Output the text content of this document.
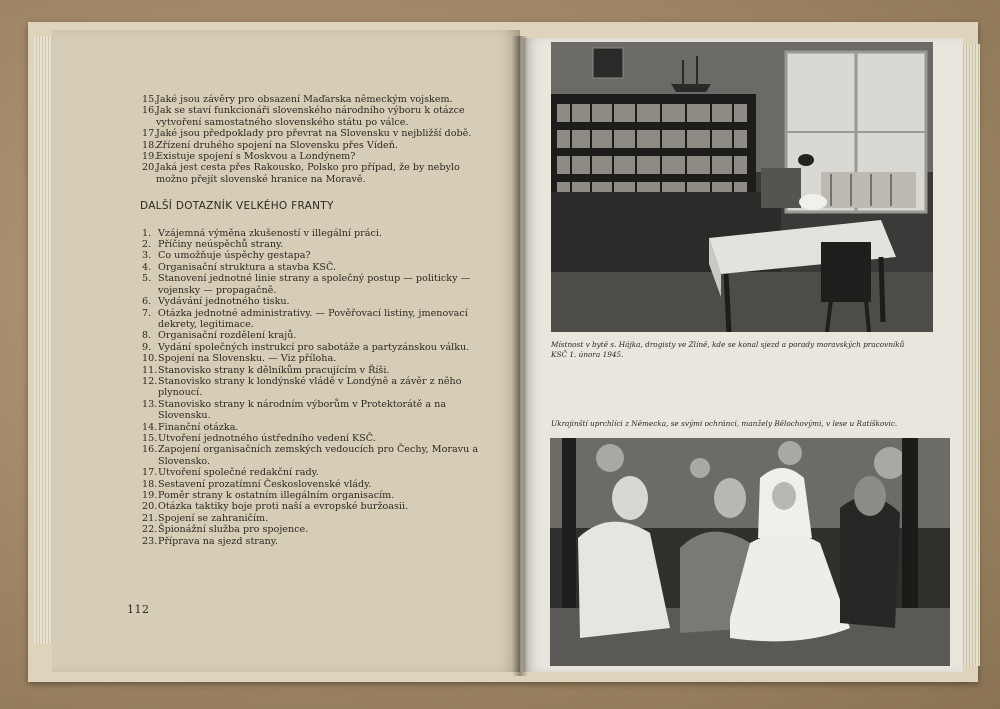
15.
Jaké jsou závěry pro obsazení Maďarska německým vojskem.

16.
Jak se staví funkcionáři slovenského národního výboru k otázce vytvoření samostatného slovenského státu po válce.

17.
Jaké jsou předpoklady pro převrat na Slovensku v nejbližší době.

18.
Zřízení druhého spojení na Slovensku přes Vídeň.

19.
Existuje spojení s Moskvou a Londýnem?

20.
Jaká jest cesta přes Rakousko, Polsko pro případ, že by nebylo možno přejít slovenské hranice na Moravě.

DALŠÍ DOTAZNÍK VELKÉHO FRANTY

1. Vzájemná výměna zkušeností v illegální práci.

2. Příčiny neúspěchů strany.

3. Co umožňuje úspěchy gestapa?

4. Organisační struktura a stavba KSČ.

5. Stanovení jednotné linie strany a společný postup — politicky — vojensky — propagačně.

6. Vydávání jednotného tisku.

7. Otázka jednotné administrativy. — Pověřovací listiny, jmenovací dekrety, legitimace.

8. Organisační rozdělení krajů.

9. Vydání společných instrukcí pro sabotáže a partyzánskou válku.

10. Spojení na Slovensku. — Viz příloha.

11. Stanovisko strany k dělníkům pracujícím v Říši.

12. Stanovisko strany k londýnské vládě v Londýně a závěr z něho plynoucí.

13. Stanovisko strany k národním výborům v Protektorátě a na Slovensku.

14. Finanční otázka.

15. Utvoření jednotného ústředního vedení KSČ.

16. Zapojení organisačních zemských vedoucích pro Čechy, Moravu a Slovensko.

17. Utvoření společné redakční rady.

18. Sestavení prozatímní Československé vlády.

19. Poměr strany k ostatním illegálním organisacím.

20. Otázka taktiky boje proti naší a evropské buržoasii.

21. Spojení se zahraničím.

22. Špionážní služba pro spojence.

23. Příprava na sjezd strany.

112
Místnost v bytě s. Hájka, drogisty ve Zlíně, kde se konal sjezd a porady moravských pracovníků KSČ 1. února 1945.
Ukrajinští uprchlíci z Německa, se svými ochránci, manžely Bělochovými, v lese u Ratíškovic.
